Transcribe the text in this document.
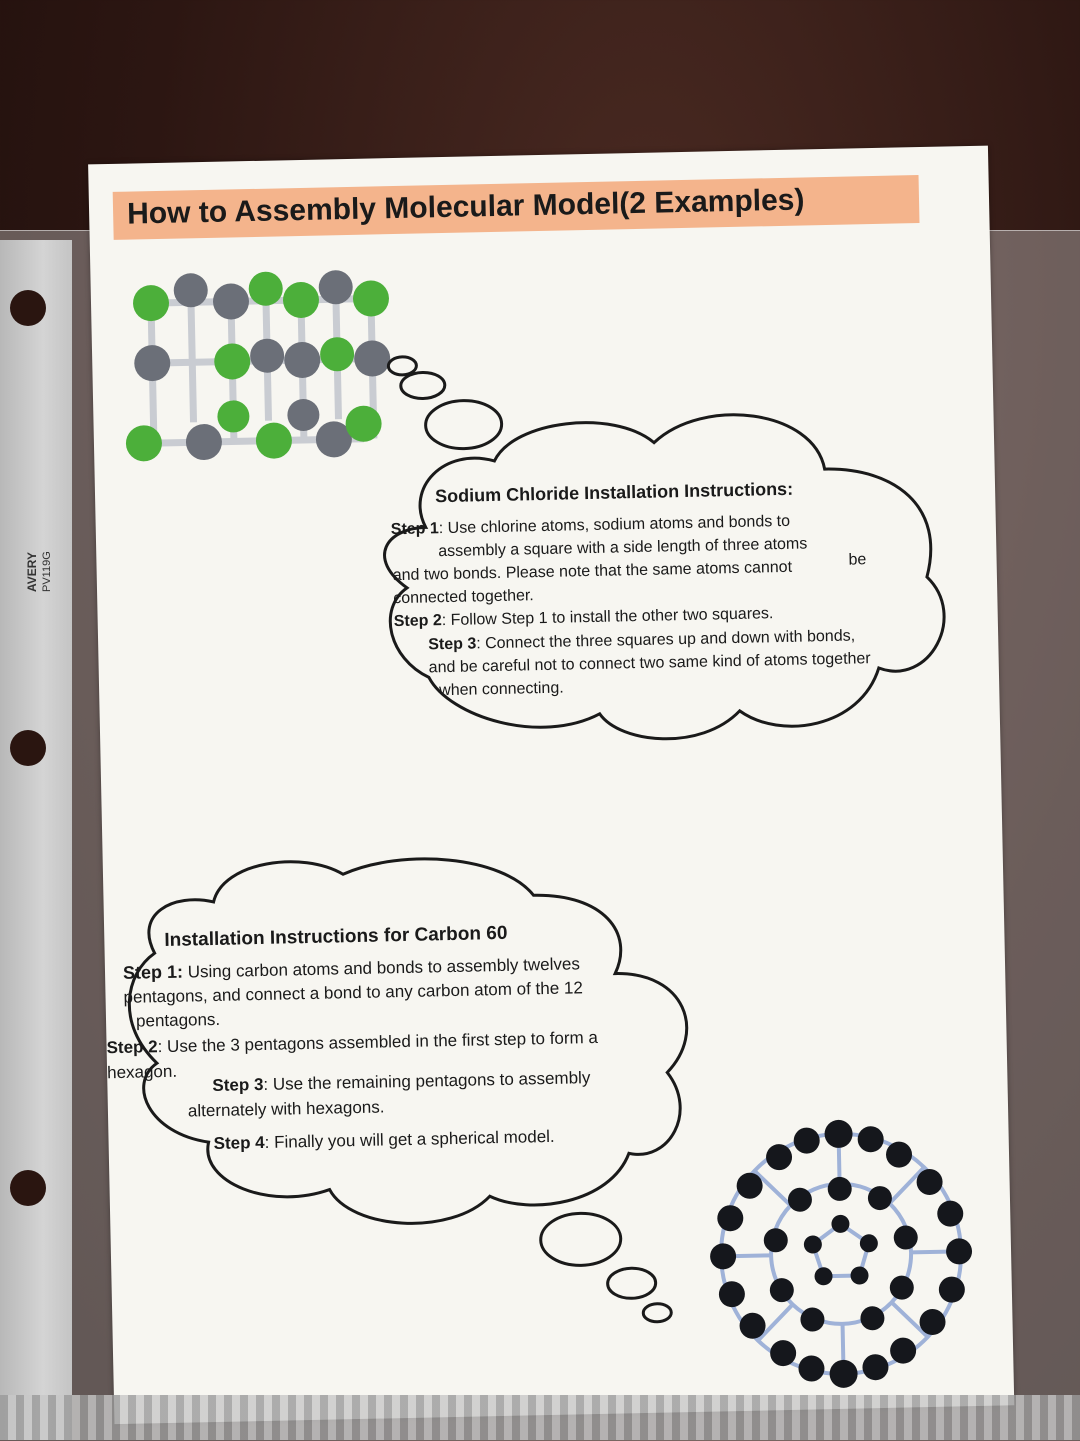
AVERY PV119G
How to Assembly Molecular Model(2 Examples)
Sodium Chloride Installation Instructions:
Step 1: Use chlorine atoms, sodium atoms and bonds to
assembly a square with a side length of three atoms
and two bonds. Please note that the same atoms cannot	be
connected together.
Step 2: Follow Step 1 to install the other two squares.
Step 3: Connect the three squares up and down with bonds,
and be careful not to connect two same kind of atoms together
when connecting.
Installation Instructions for Carbon 60
Step 1: Using carbon atoms and bonds to assembly twelves
pentagons, and connect a bond to any carbon atom of the 12
pentagons.
Step 2: Use the 3 pentagons assembled in the first step to form a
hexagon.
Step 3: Use the remaining pentagons to assembly
alternately with hexagons.
Step 4: Finally you will get a spherical model.
